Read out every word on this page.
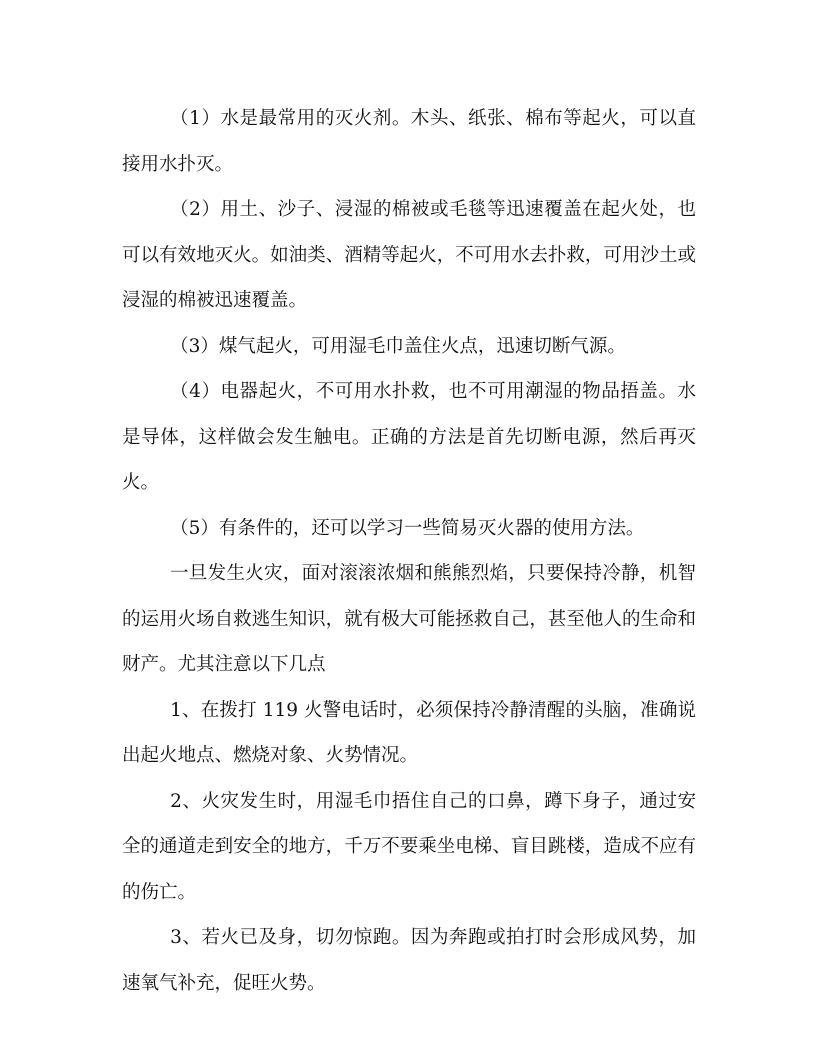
（1）水是最常用的灭火剂。木头、纸张、棉布等起火，可以直接用水扑灭。

（2）用土、沙子、浸湿的棉被或毛毯等迅速覆盖在起火处，也可以有效地灭火。如油类、酒精等起火，不可用水去扑救，可用沙土或浸湿的棉被迅速覆盖。

（3）煤气起火，可用湿毛巾盖住火点，迅速切断气源。

（4）电器起火，不可用水扑救，也不可用潮湿的物品捂盖。水是导体，这样做会发生触电。正确的方法是首先切断电源，然后再灭火。

（5）有条件的，还可以学习一些简易灭火器的使用方法。

一旦发生火灾，面对滚滚浓烟和熊熊烈焰，只要保持冷静，机智的运用火场自救逃生知识，就有极大可能拯救自己，甚至他人的生命和财产。尤其注意以下几点

1、在拨打 119 火警电话时，必须保持冷静清醒的头脑，准确说出起火地点、燃烧对象、火势情况。

2、火灾发生时，用湿毛巾捂住自己的口鼻，蹲下身子，通过安全的通道走到安全的地方，千万不要乘坐电梯、盲目跳楼，造成不应有的伤亡。

3、若火已及身，切勿惊跑。因为奔跑或拍打时会形成风势，加速氧气补充，促旺火势。
